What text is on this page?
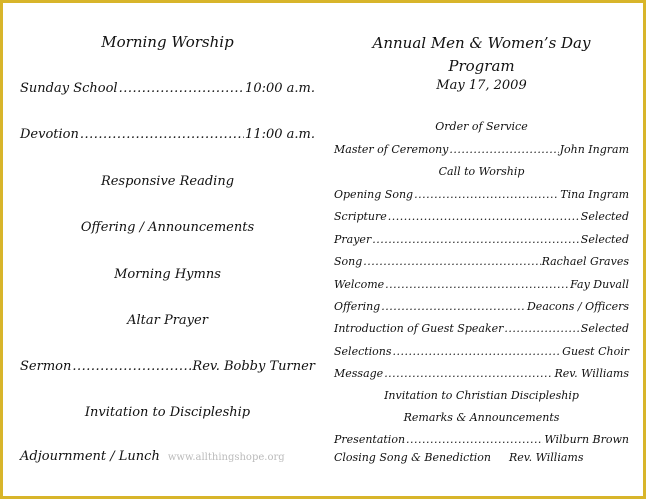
Morning Worship
Sunday School .....	10:00 a.m.
Devotion .....	11:00 a.m.
Responsive Reading
Offering / Announcements
Morning Hymns
Altar Prayer
Sermon .....	Rev. Bobby Turner
Invitation to Discipleship
Adjournment / Lunch www.allthingshope.org
Annual Men & Women’s Day
Program
May 17, 2009
Order of Service
Master of Ceremony .....	John Ingram
Call to Worship
Opening Song .....	Tina Ingram
Scripture .....	Selected
Prayer .....	Selected
Song .....	Rachael Graves
Welcome .....	Fay Duvall
Offering .....	Deacons / Officers
Introduction of Guest Speaker .....	Selected
Selections .....	Guest Choir
Message .....	Rev. Williams
Invitation to Christian Discipleship
Remarks & Announcements
Presentation .....	Wilburn Brown
Closing Song & Benediction Rev. Williams
